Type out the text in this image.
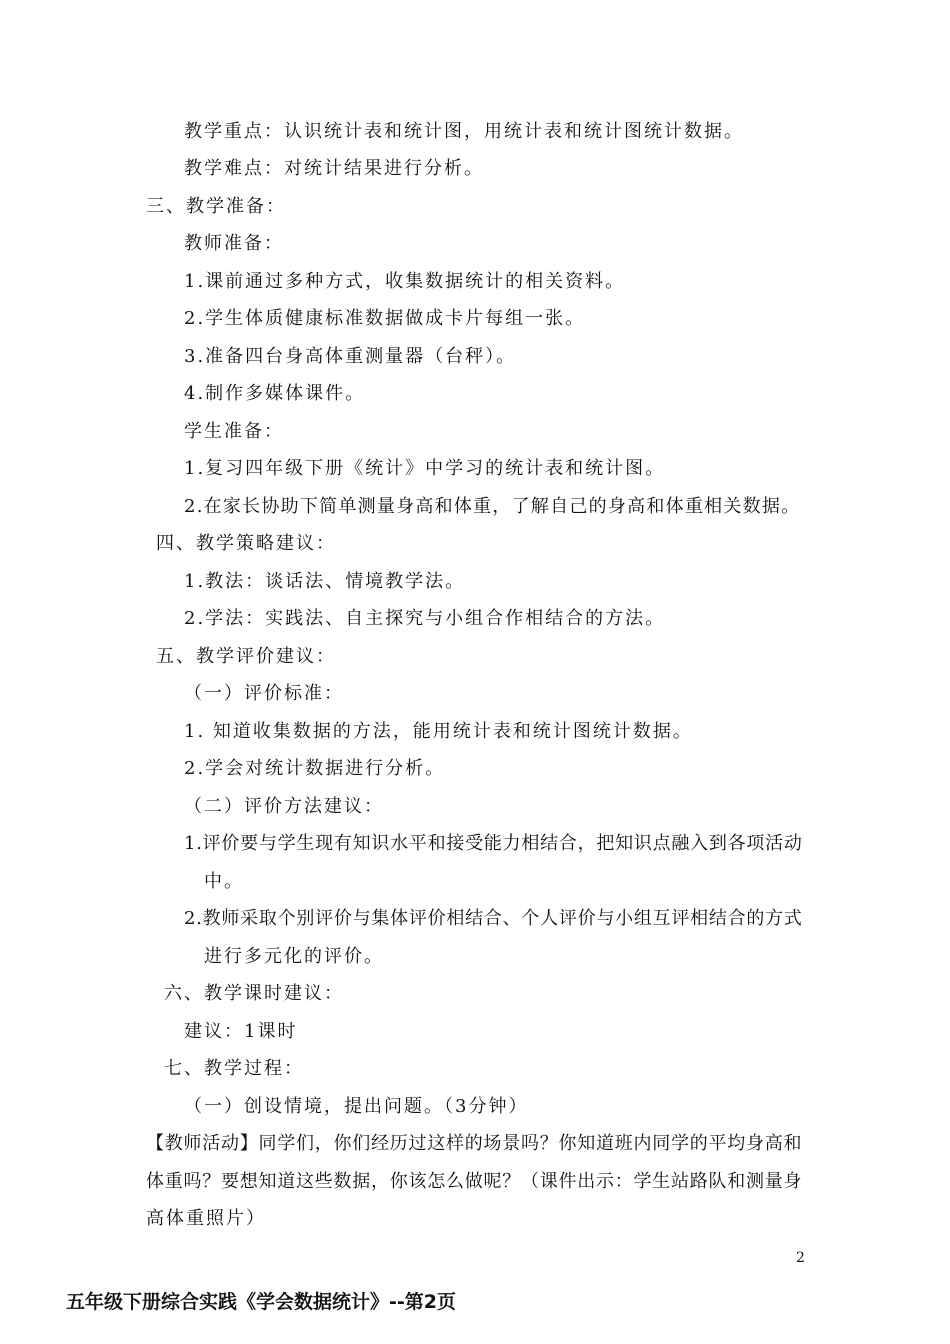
教学重点：认识统计表和统计图，用统计表和统计图统计数据。
教学难点：对统计结果进行分析。
三、教学准备：
教师准备：
1.课前通过多种方式，收集数据统计的相关资料。
2.学生体质健康标准数据做成卡片每组一张。
3.准备四台身高体重测量器（台秤）。
4.制作多媒体课件。
学生准备：
1.复习四年级下册《统计》中学习的统计表和统计图。
2.在家长协助下简单测量身高和体重，了解自己的身高和体重相关数据。
四、教学策略建议：
1.教法：谈话法、情境教学法。
2.学法：实践法、自主探究与小组合作相结合的方法。
五、教学评价建议：
（一）评价标准：
1. 知道收集数据的方法，能用统计表和统计图统计数据。
2.学会对统计数据进行分析。
（二）评价方法建议：
1.评价要与学生现有知识水平和接受能力相结合，把知识点融入到各项活动
中。
2.教师采取个别评价与集体评价相结合、个人评价与小组互评相结合的方式
进行多元化的评价。
六、教学课时建议：
建议：1课时
七、教学过程：
（一）创设情境，提出问题。（3分钟）
【教师活动】同学们，你们经历过这样的场景吗？你知道班内同学的平均身高和
体重吗？要想知道这些数据，你该怎么做呢？（课件出示：学生站路队和测量身
高体重照片）
2
五年级下册综合实践《学会数据统计》--第2页
